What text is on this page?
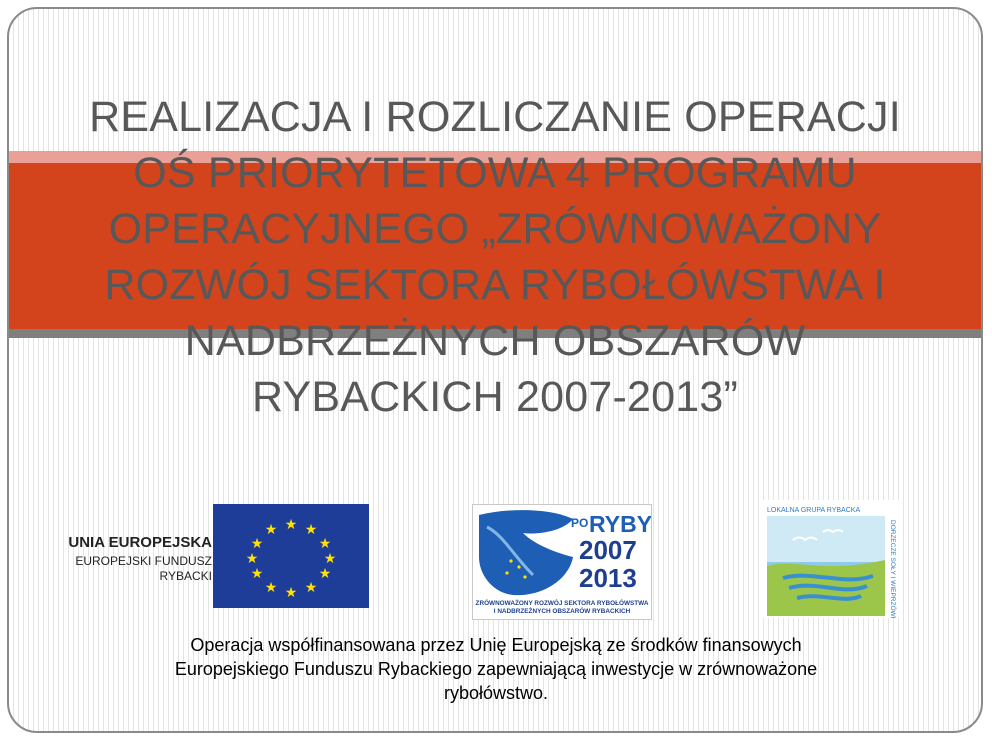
REALIZACJA I ROZLICZANIE OPERACJI
OŚ PRIORYTETOWA 4 PROGRAMU
OPERACYJNEGO „ZRÓWNOWAŻONY
ROZWÓJ SEKTORA RYBOŁÓWSTWA I
NADBRZEŻNYCH OBSZARÓW
RYBACKICH 2007-2013”
UNIA EUROPEJSKA
EUROPEJSKI FUNDUSZ
RYBACKI
★ ★
★
★
★
★
★
★
★
★
★
★	PO RYBY
2007
2013
ZRÓWNOWAŻONY ROZWÓJ SEKTORA RYBOŁÓWSTWA
I NADBRZEŻNYCH OBSZARÓW RYBACKICH
LOKALNA GRUPA RYBACKA
DORZECZE SOŁY I WIEPRZÓWKI
Operacja współfinansowana przez Unię Europejską ze środków finansowych
Europejskiego Funduszu Rybackiego zapewniającą inwestycje w zrównoważone
rybołówstwo.
